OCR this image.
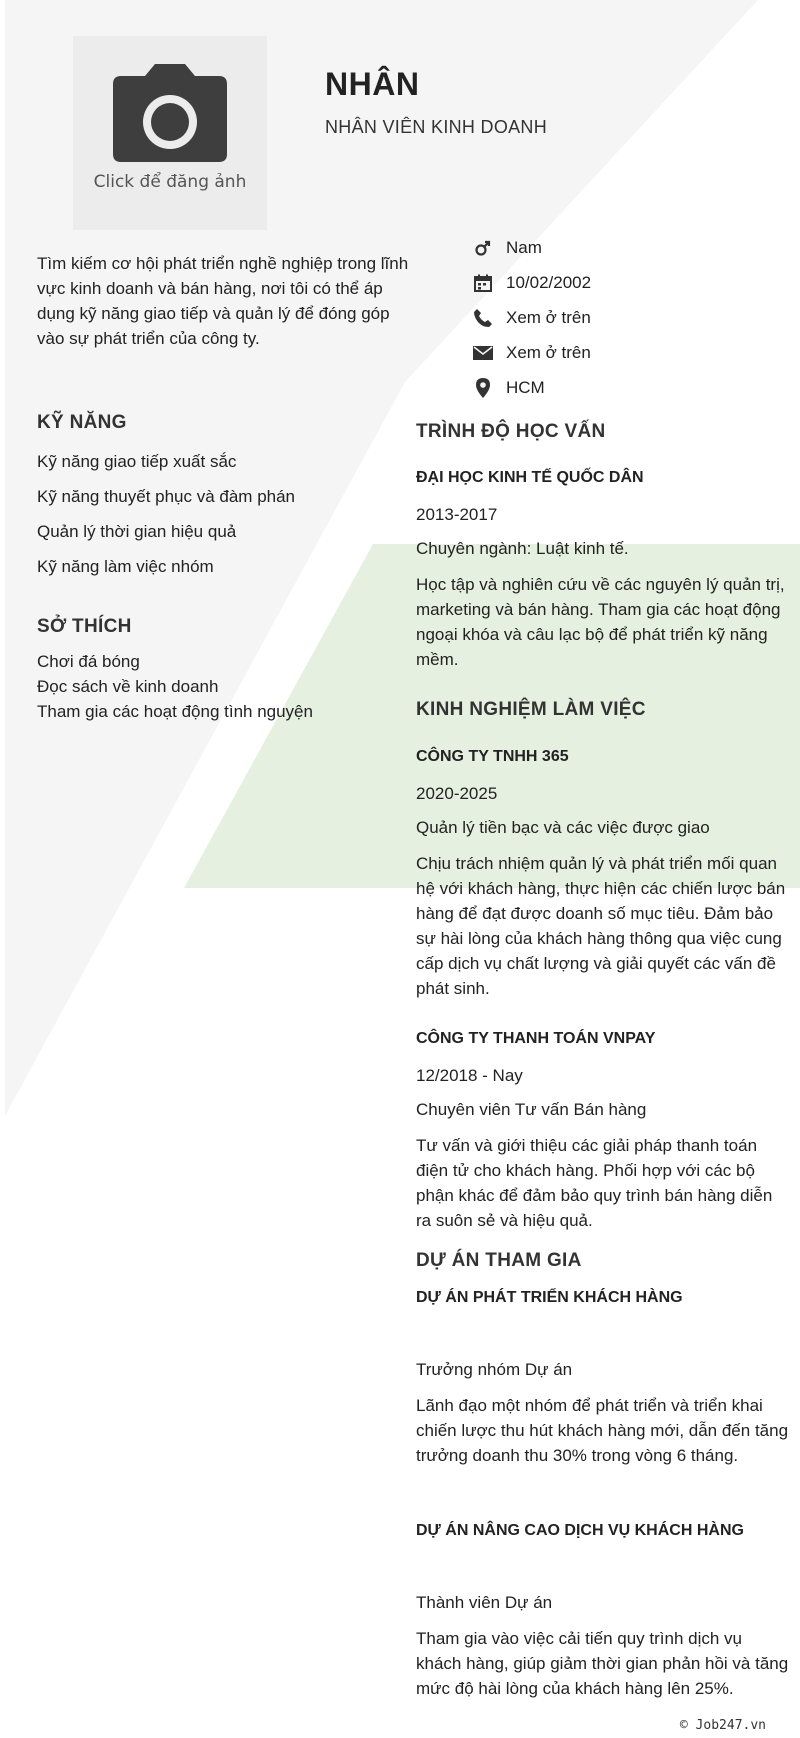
Click để đăng ảnh
NHÂN
NHÂN VIÊN KINH DOANH
Tìm kiếm cơ hội phát triển nghề nghiệp trong lĩnh vực kinh doanh và bán hàng, nơi tôi có thể áp dụng kỹ năng giao tiếp và quản lý để đóng góp vào sự phát triển của công ty.
Nam
10/02/2002
Xem ở trên
Xem ở trên
HCM
KỸ NĂNG
Kỹ năng giao tiếp xuất sắc
Kỹ năng thuyết phục và đàm phán
Quản lý thời gian hiệu quả
Kỹ năng làm việc nhóm
SỞ THÍCH
Chơi đá bóng
Đọc sách về kinh doanh
Tham gia các hoạt động tình nguyện
TRÌNH ĐỘ HỌC VẤN
ĐẠI HỌC KINH TẾ QUỐC DÂN
2013-2017
Chuyên ngành: Luật kinh tế.
Học tập và nghiên cứu về các nguyên lý quản trị, marketing và bán hàng. Tham gia các hoạt động ngoại khóa và câu lạc bộ để phát triển kỹ năng mềm.
KINH NGHIỆM LÀM VIỆC
CÔNG TY TNHH 365
2020-2025
Quản lý tiền bạc và các việc được giao
Chịu trách nhiệm quản lý và phát triển mối quan hệ với khách hàng, thực hiện các chiến lược bán hàng để đạt được doanh số mục tiêu. Đảm bảo sự hài lòng của khách hàng thông qua việc cung cấp dịch vụ chất lượng và giải quyết các vấn đề phát sinh.
CÔNG TY THANH TOÁN VNPAY
12/2018 - Nay
Chuyên viên Tư vấn Bán hàng
Tư vấn và giới thiệu các giải pháp thanh toán điện tử cho khách hàng. Phối hợp với các bộ phận khác để đảm bảo quy trình bán hàng diễn ra suôn sẻ và hiệu quả.
DỰ ÁN THAM GIA
DỰ ÁN PHÁT TRIỂN KHÁCH HÀNG
Trưởng nhóm Dự án
Lãnh đạo một nhóm để phát triển và triển khai chiến lược thu hút khách hàng mới, dẫn đến tăng trưởng doanh thu 30% trong vòng 6 tháng.
DỰ ÁN NÂNG CAO DỊCH VỤ KHÁCH HÀNG
Thành viên Dự án
Tham gia vào việc cải tiến quy trình dịch vụ khách hàng, giúp giảm thời gian phản hồi và tăng mức độ hài lòng của khách hàng lên 25%.
© Job247.vn
